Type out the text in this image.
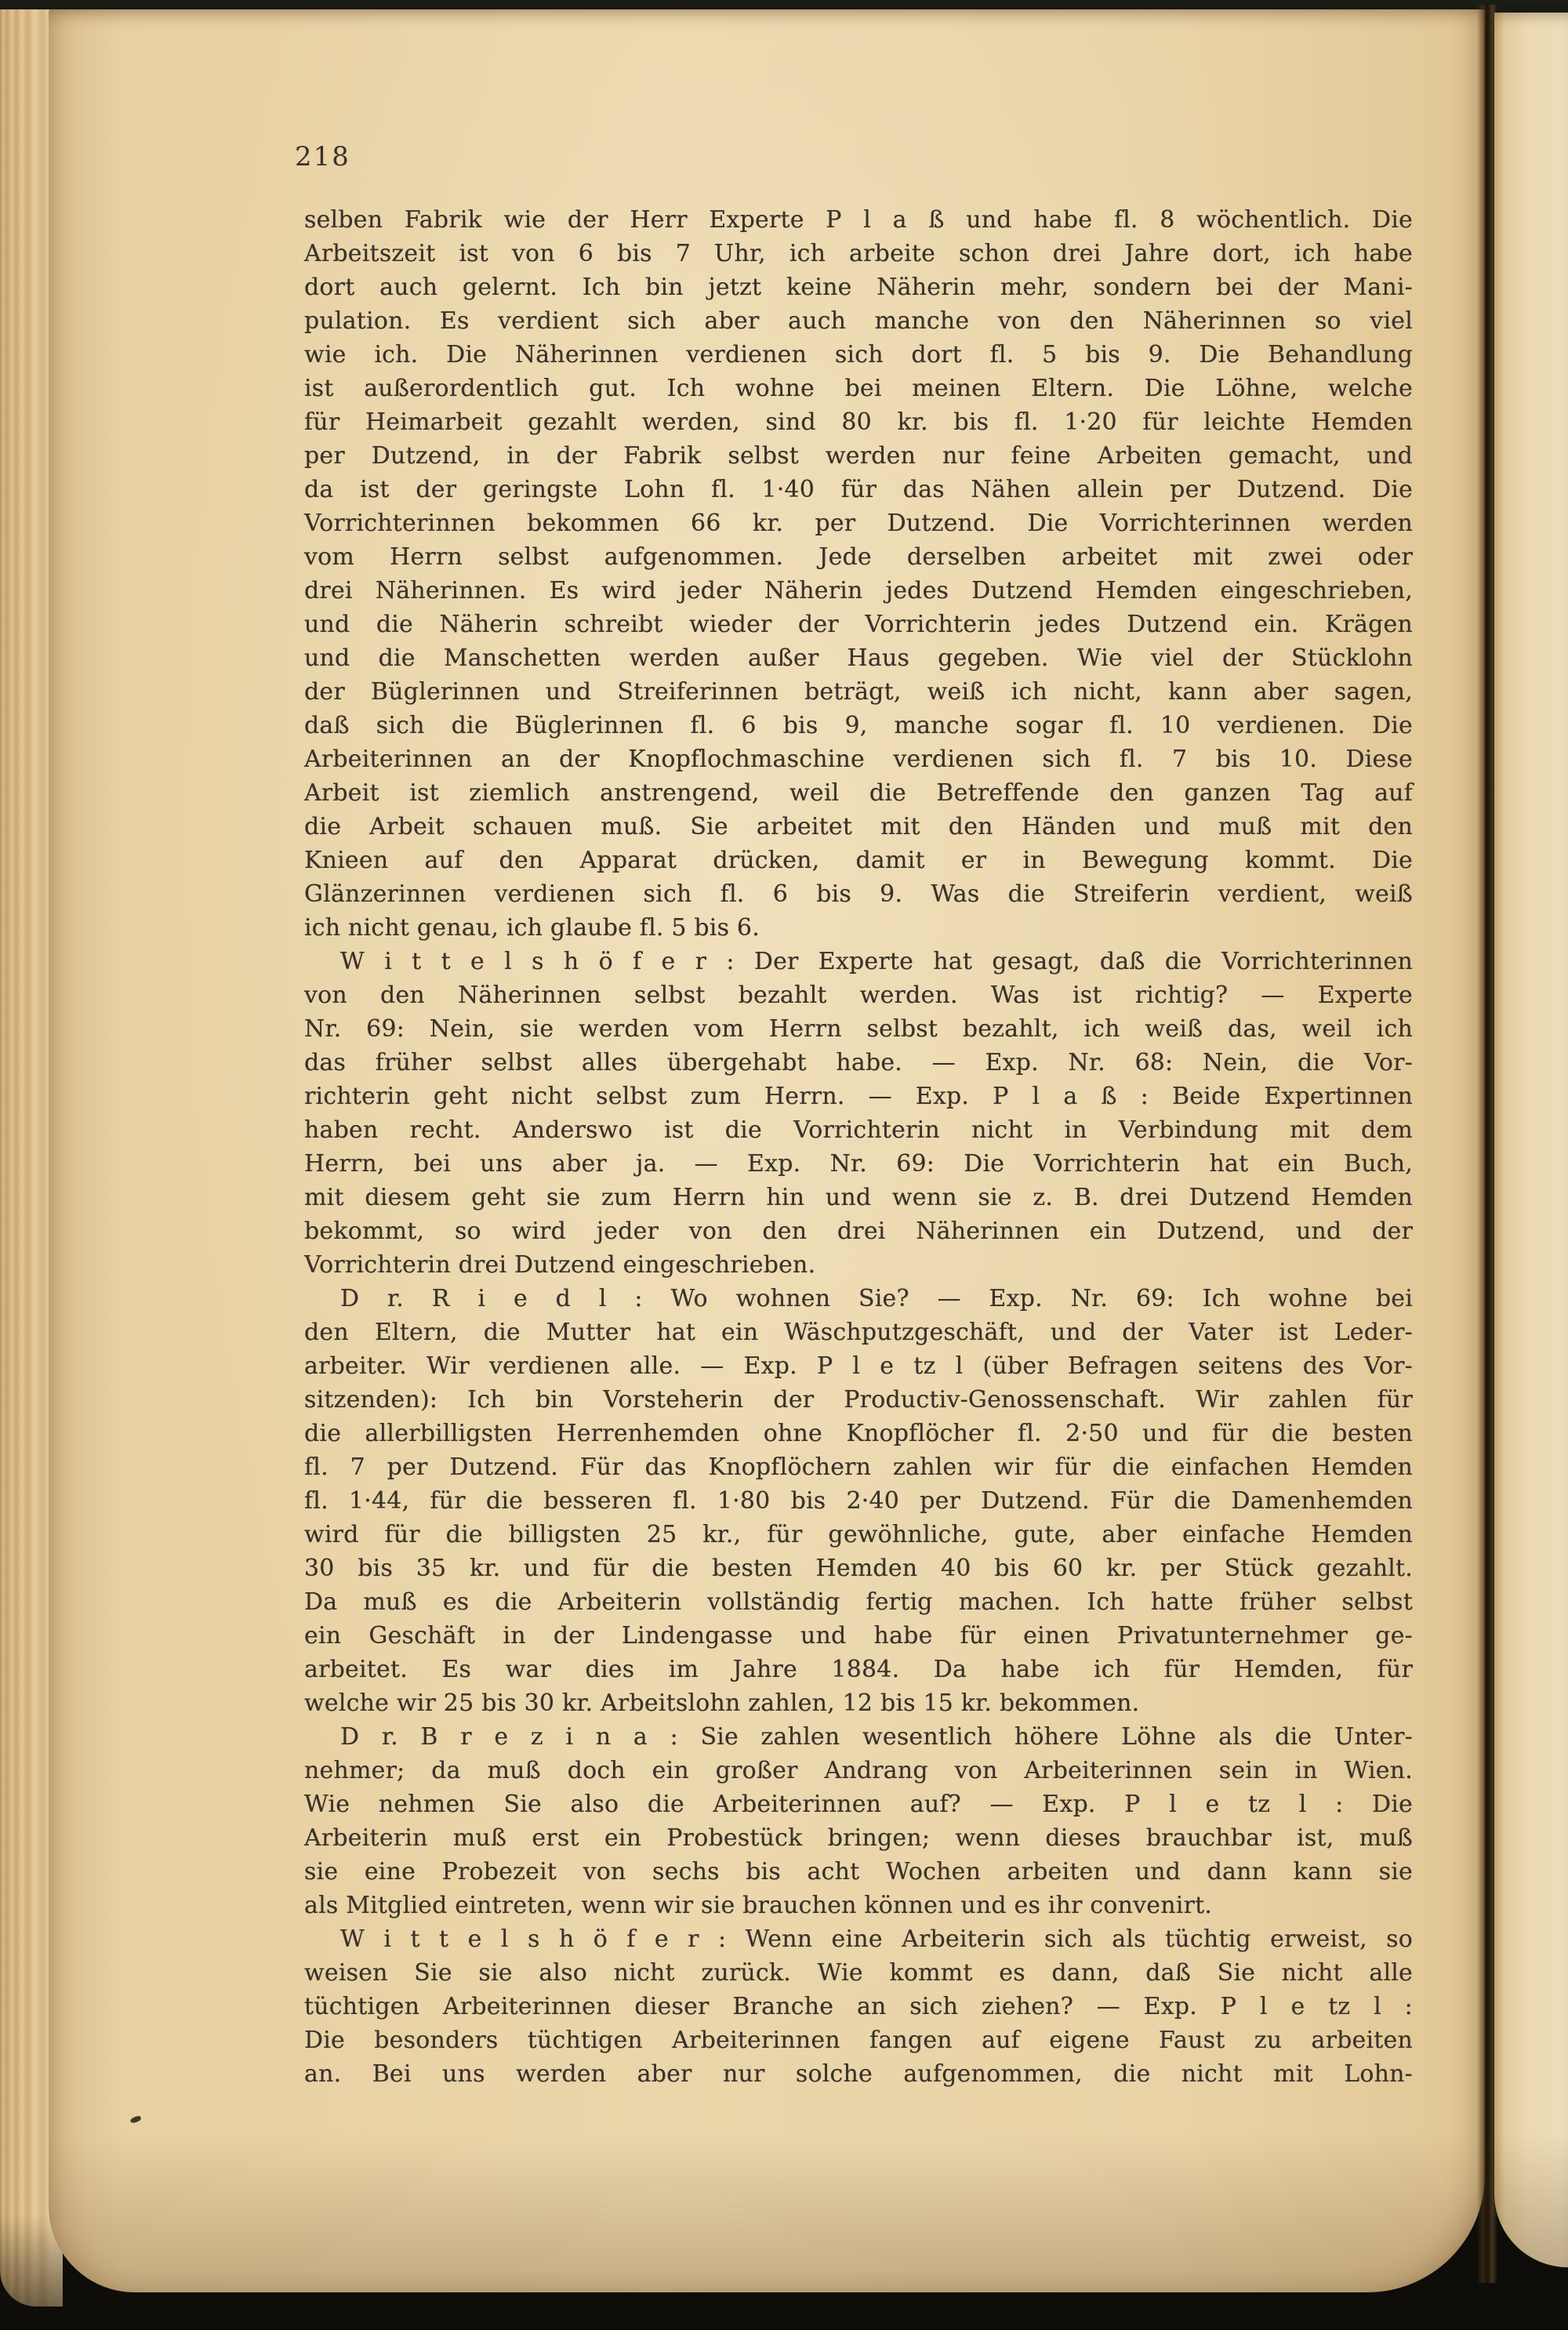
218
selben Fabrik wie der Herr Experte P l a ß und habe fl. 8 wöchentlich. Die
Arbeitszeit ist von 6 bis 7 Uhr, ich arbeite schon drei Jahre dort, ich habe
dort auch gelernt. Ich bin jetzt keine Näherin mehr, sondern bei der Mani-
pulation. Es verdient sich aber auch manche von den Näherinnen so viel
wie ich. Die Näherinnen verdienen sich dort fl. 5 bis 9. Die Behandlung
ist außerordentlich gut. Ich wohne bei meinen Eltern. Die Löhne, welche
für Heimarbeit gezahlt werden, sind 80 kr. bis fl. 1·20 für leichte Hemden
per Dutzend, in der Fabrik selbst werden nur feine Arbeiten gemacht, und
da ist der geringste Lohn fl. 1·40 für das Nähen allein per Dutzend. Die
Vorrichterinnen bekommen 66 kr. per Dutzend. Die Vorrichterinnen werden
vom Herrn selbst aufgenommen. Jede derselben arbeitet mit zwei oder
drei Näherinnen. Es wird jeder Näherin jedes Dutzend Hemden eingeschrieben,
und die Näherin schreibt wieder der Vorrichterin jedes Dutzend ein. Krägen
und die Manschetten werden außer Haus gegeben. Wie viel der Stücklohn
der Büglerinnen und Streiferinnen beträgt, weiß ich nicht, kann aber sagen,
daß sich die Büglerinnen fl. 6 bis 9, manche sogar fl. 10 verdienen. Die
Arbeiterinnen an der Knopflochmaschine verdienen sich fl. 7 bis 10. Diese
Arbeit ist ziemlich anstrengend, weil die Betreffende den ganzen Tag auf
die Arbeit schauen muß. Sie arbeitet mit den Händen und muß mit den
Knieen auf den Apparat drücken, damit er in Bewegung kommt. Die
Glänzerinnen verdienen sich fl. 6 bis 9. Was die Streiferin verdient, weiß
ich nicht genau, ich glaube fl. 5 bis 6.
W i t t e l s h ö f e r : Der Experte hat gesagt, daß die Vorrichterinnen
von den Näherinnen selbst bezahlt werden. Was ist richtig? — Experte
Nr. 69: Nein, sie werden vom Herrn selbst bezahlt, ich weiß das, weil ich
das früher selbst alles übergehabt habe. — Exp. Nr. 68: Nein, die Vor-
richterin geht nicht selbst zum Herrn. — Exp. P l a ß : Beide Expertinnen
haben recht. Anderswo ist die Vorrichterin nicht in Verbindung mit dem
Herrn, bei uns aber ja. — Exp. Nr. 69: Die Vorrichterin hat ein Buch,
mit diesem geht sie zum Herrn hin und wenn sie z. B. drei Dutzend Hemden
bekommt, so wird jeder von den drei Näherinnen ein Dutzend, und der
Vorrichterin drei Dutzend eingeschrieben.
D r. R i e d l : Wo wohnen Sie? — Exp. Nr. 69: Ich wohne bei
den Eltern, die Mutter hat ein Wäschputzgeschäft, und der Vater ist Leder-
arbeiter. Wir verdienen alle. — Exp. P l e tz l (über Befragen seitens des Vor-
sitzenden): Ich bin Vorsteherin der Productiv-Genossenschaft. Wir zahlen für
die allerbilligsten Herrenhemden ohne Knopflöcher fl. 2·50 und für die besten
fl. 7 per Dutzend. Für das Knopflöchern zahlen wir für die einfachen Hemden
fl. 1·44, für die besseren fl. 1·80 bis 2·40 per Dutzend. Für die Damenhemden
wird für die billigsten 25 kr., für gewöhnliche, gute, aber einfache Hemden
30 bis 35 kr. und für die besten Hemden 40 bis 60 kr. per Stück gezahlt.
Da muß es die Arbeiterin vollständig fertig machen. Ich hatte früher selbst
ein Geschäft in der Lindengasse und habe für einen Privatunternehmer ge-
arbeitet. Es war dies im Jahre 1884. Da habe ich für Hemden, für
welche wir 25 bis 30 kr. Arbeitslohn zahlen, 12 bis 15 kr. bekommen.
D r. B r e z i n a : Sie zahlen wesentlich höhere Löhne als die Unter-
nehmer; da muß doch ein großer Andrang von Arbeiterinnen sein in Wien.
Wie nehmen Sie also die Arbeiterinnen auf? — Exp. P l e tz l : Die
Arbeiterin muß erst ein Probestück bringen; wenn dieses brauchbar ist, muß
sie eine Probezeit von sechs bis acht Wochen arbeiten und dann kann sie
als Mitglied eintreten, wenn wir sie brauchen können und es ihr convenirt.
W i t t e l s h ö f e r : Wenn eine Arbeiterin sich als tüchtig erweist, so
weisen Sie sie also nicht zurück. Wie kommt es dann, daß Sie nicht alle
tüchtigen Arbeiterinnen dieser Branche an sich ziehen? — Exp. P l e tz l :
Die besonders tüchtigen Arbeiterinnen fangen auf eigene Faust zu arbeiten
an. Bei uns werden aber nur solche aufgenommen, die nicht mit Lohn-
